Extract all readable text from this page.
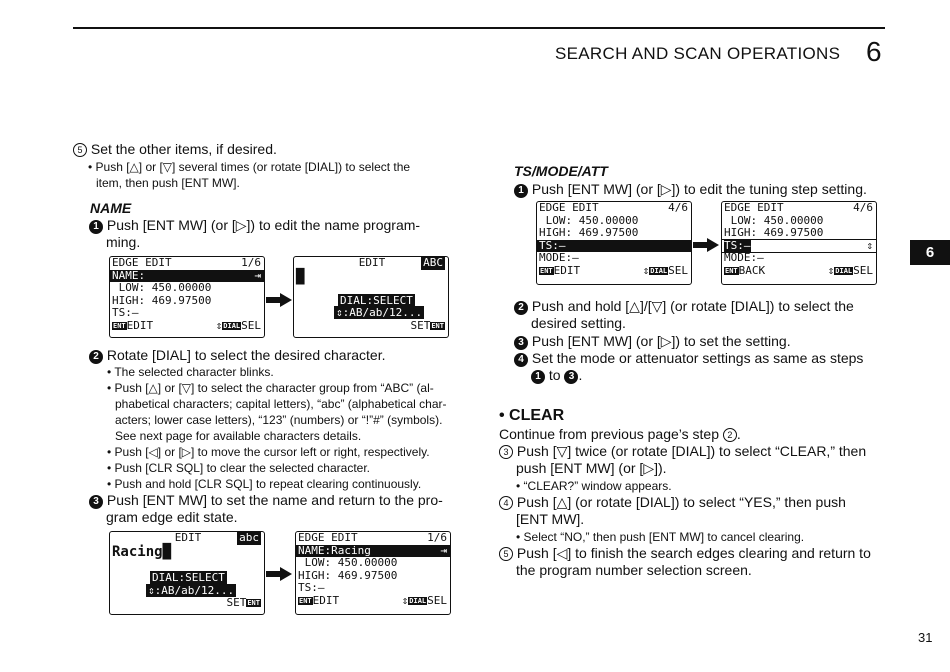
SEARCH AND SCAN OPERATIONS 6
6
31
5 Set the other items, if desired.
• Push [△] or [▽] several times (or rotate [DIAL]) to select the
item, then push [ENT MW].
NAME
1 Push [ENT MW] (or [▷]) to edit the name program-
ming.
EDGE EDIT	1/6
NAME:	⇥
LOW: 450.00000
HIGH: 469.97500
TS:–
ENTEDIT	⇕DIALSEL
EDIT	ABC
█
DIAL:SELECT
⇕:AB/ab/12...
SETENT
2 Rotate [DIAL] to select the desired character.
• The selected character blinks.
• Push [△] or [▽] to select the character group from “ABC” (al-
phabetical characters; capital letters), “abc” (alphabetical char-
acters; lower case letters), “123” (numbers) or “!”#” (symbols).
See next page for available characters details.
• Push [◁] or [▷] to move the cursor left or right, respectively.
• Push [CLR SQL] to clear the selected character.
• Push and hold [CLR SQL] to repeat clearing continuously.
3 Push [ENT MW] to set the name and return to the pro-
gram edge edit state.
EDIT	abc
Racing█
DIAL:SELECT
⇕:AB/ab/12...
SETENT
EDGE EDIT	1/6
NAME:Racing	⇥
LOW: 450.00000
HIGH: 469.97500
TS:–
ENTEDIT	⇕DIALSEL
TS/MODE/ATT
1 Push [ENT MW] (or [▷]) to edit the tuning step setting.
EDGE EDIT	4/6
LOW: 450.00000
HIGH: 469.97500
TS:–
MODE:–
ENTEDIT	⇕DIALSEL
EDGE EDIT	4/6
LOW: 450.00000
HIGH: 469.97500
TS:–	⇕
MODE:–
ENTBACK	⇕DIALSEL
2 Push and hold [△]/[▽] (or rotate [DIAL]) to select the
desired setting.
3 Push [ENT MW] (or [▷]) to set the setting.
4 Set the mode or attenuator settings as same as steps
1 to 3 .
• CLEAR
Continue from previous page’s step 2 .
3 Push [▽] twice (or rotate [DIAL]) to select “CLEAR,” then
push [ENT MW] (or [▷]).
• “CLEAR?” window appears.
4 Push [△] (or rotate [DIAL]) to select “YES,” then push
[ENT MW].
• Select “NO,” then push [ENT MW] to cancel clearing.
5 Push [◁] to finish the search edges clearing and return to
the program number selection screen.
